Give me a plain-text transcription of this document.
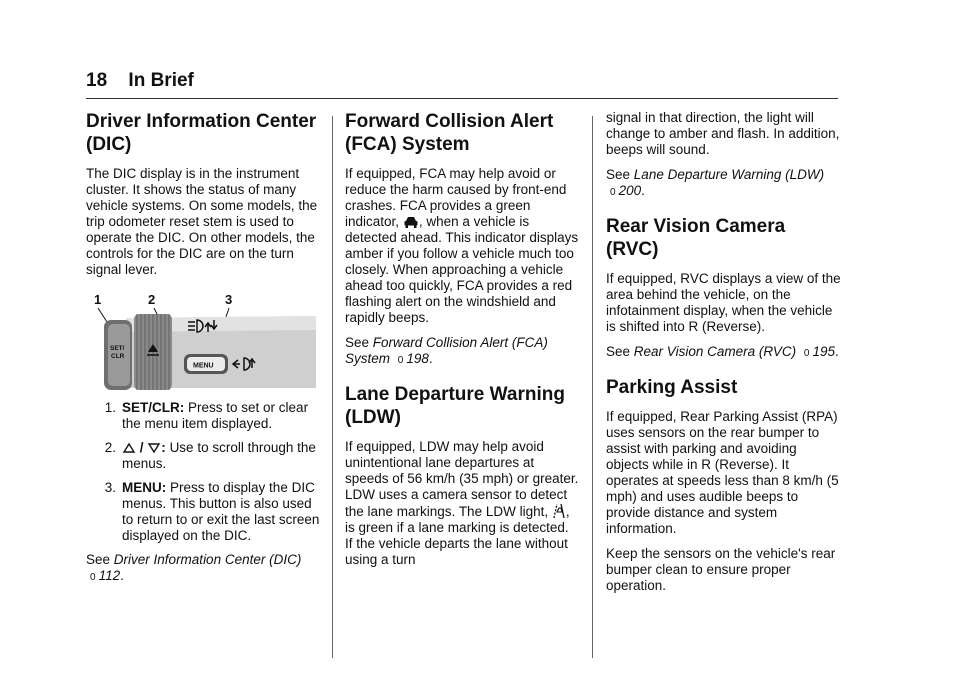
18 In Brief
Driver Information Center (DIC)

The DIC display is in the instrument cluster. It shows the status of many vehicle systems. On some models, the trip odometer reset stem is used to operate the DIC. On other models, the controls for the DIC are on the turn signal lever.

1	2	3
SET/
CLR
MENU
1. SET/CLR: Press to set or clear the menu item displayed.
2.	/ : Use to scroll through the menus.
3. MENU: Press to display the DIC menus. This button is also used to return to or exit the last screen displayed on the DIC.

See Driver Information Center (DIC) 0 112.

Forward Collision Alert (FCA) System

If equipped, FCA may help avoid or reduce the harm caused by front-end crashes. FCA provides a green indicator, , when a vehicle is detected ahead. This indicator displays amber if you follow a vehicle much too closely. When approaching a vehicle ahead too quickly, FCA provides a red flashing alert on the windshield and rapidly beeps.

See Forward Collision Alert (FCA) System 0 198.

Lane Departure Warning (LDW)

If equipped, LDW may help avoid unintentional lane departures at speeds of 56 km/h (35 mph) or greater. LDW uses a camera sensor to detect the lane markings. The LDW light, , is green if a lane marking is detected. If the vehicle departs the lane without using a turn

signal in that direction, the light will change to amber and flash. In addition, beeps will sound.

See Lane Departure Warning (LDW) 0 200.

Rear Vision Camera (RVC)

If equipped, RVC displays a view of the area behind the vehicle, on the infotainment display, when the vehicle is shifted into R (Reverse).

See Rear Vision Camera (RVC) 0 195.

Parking Assist

If equipped, Rear Parking Assist (RPA) uses sensors on the rear bumper to assist with parking and avoiding objects while in R (Reverse). It operates at speeds less than 8 km/h (5 mph) and uses audible beeps to provide distance and system information.

Keep the sensors on the vehicle's rear bumper clean to ensure proper operation.
